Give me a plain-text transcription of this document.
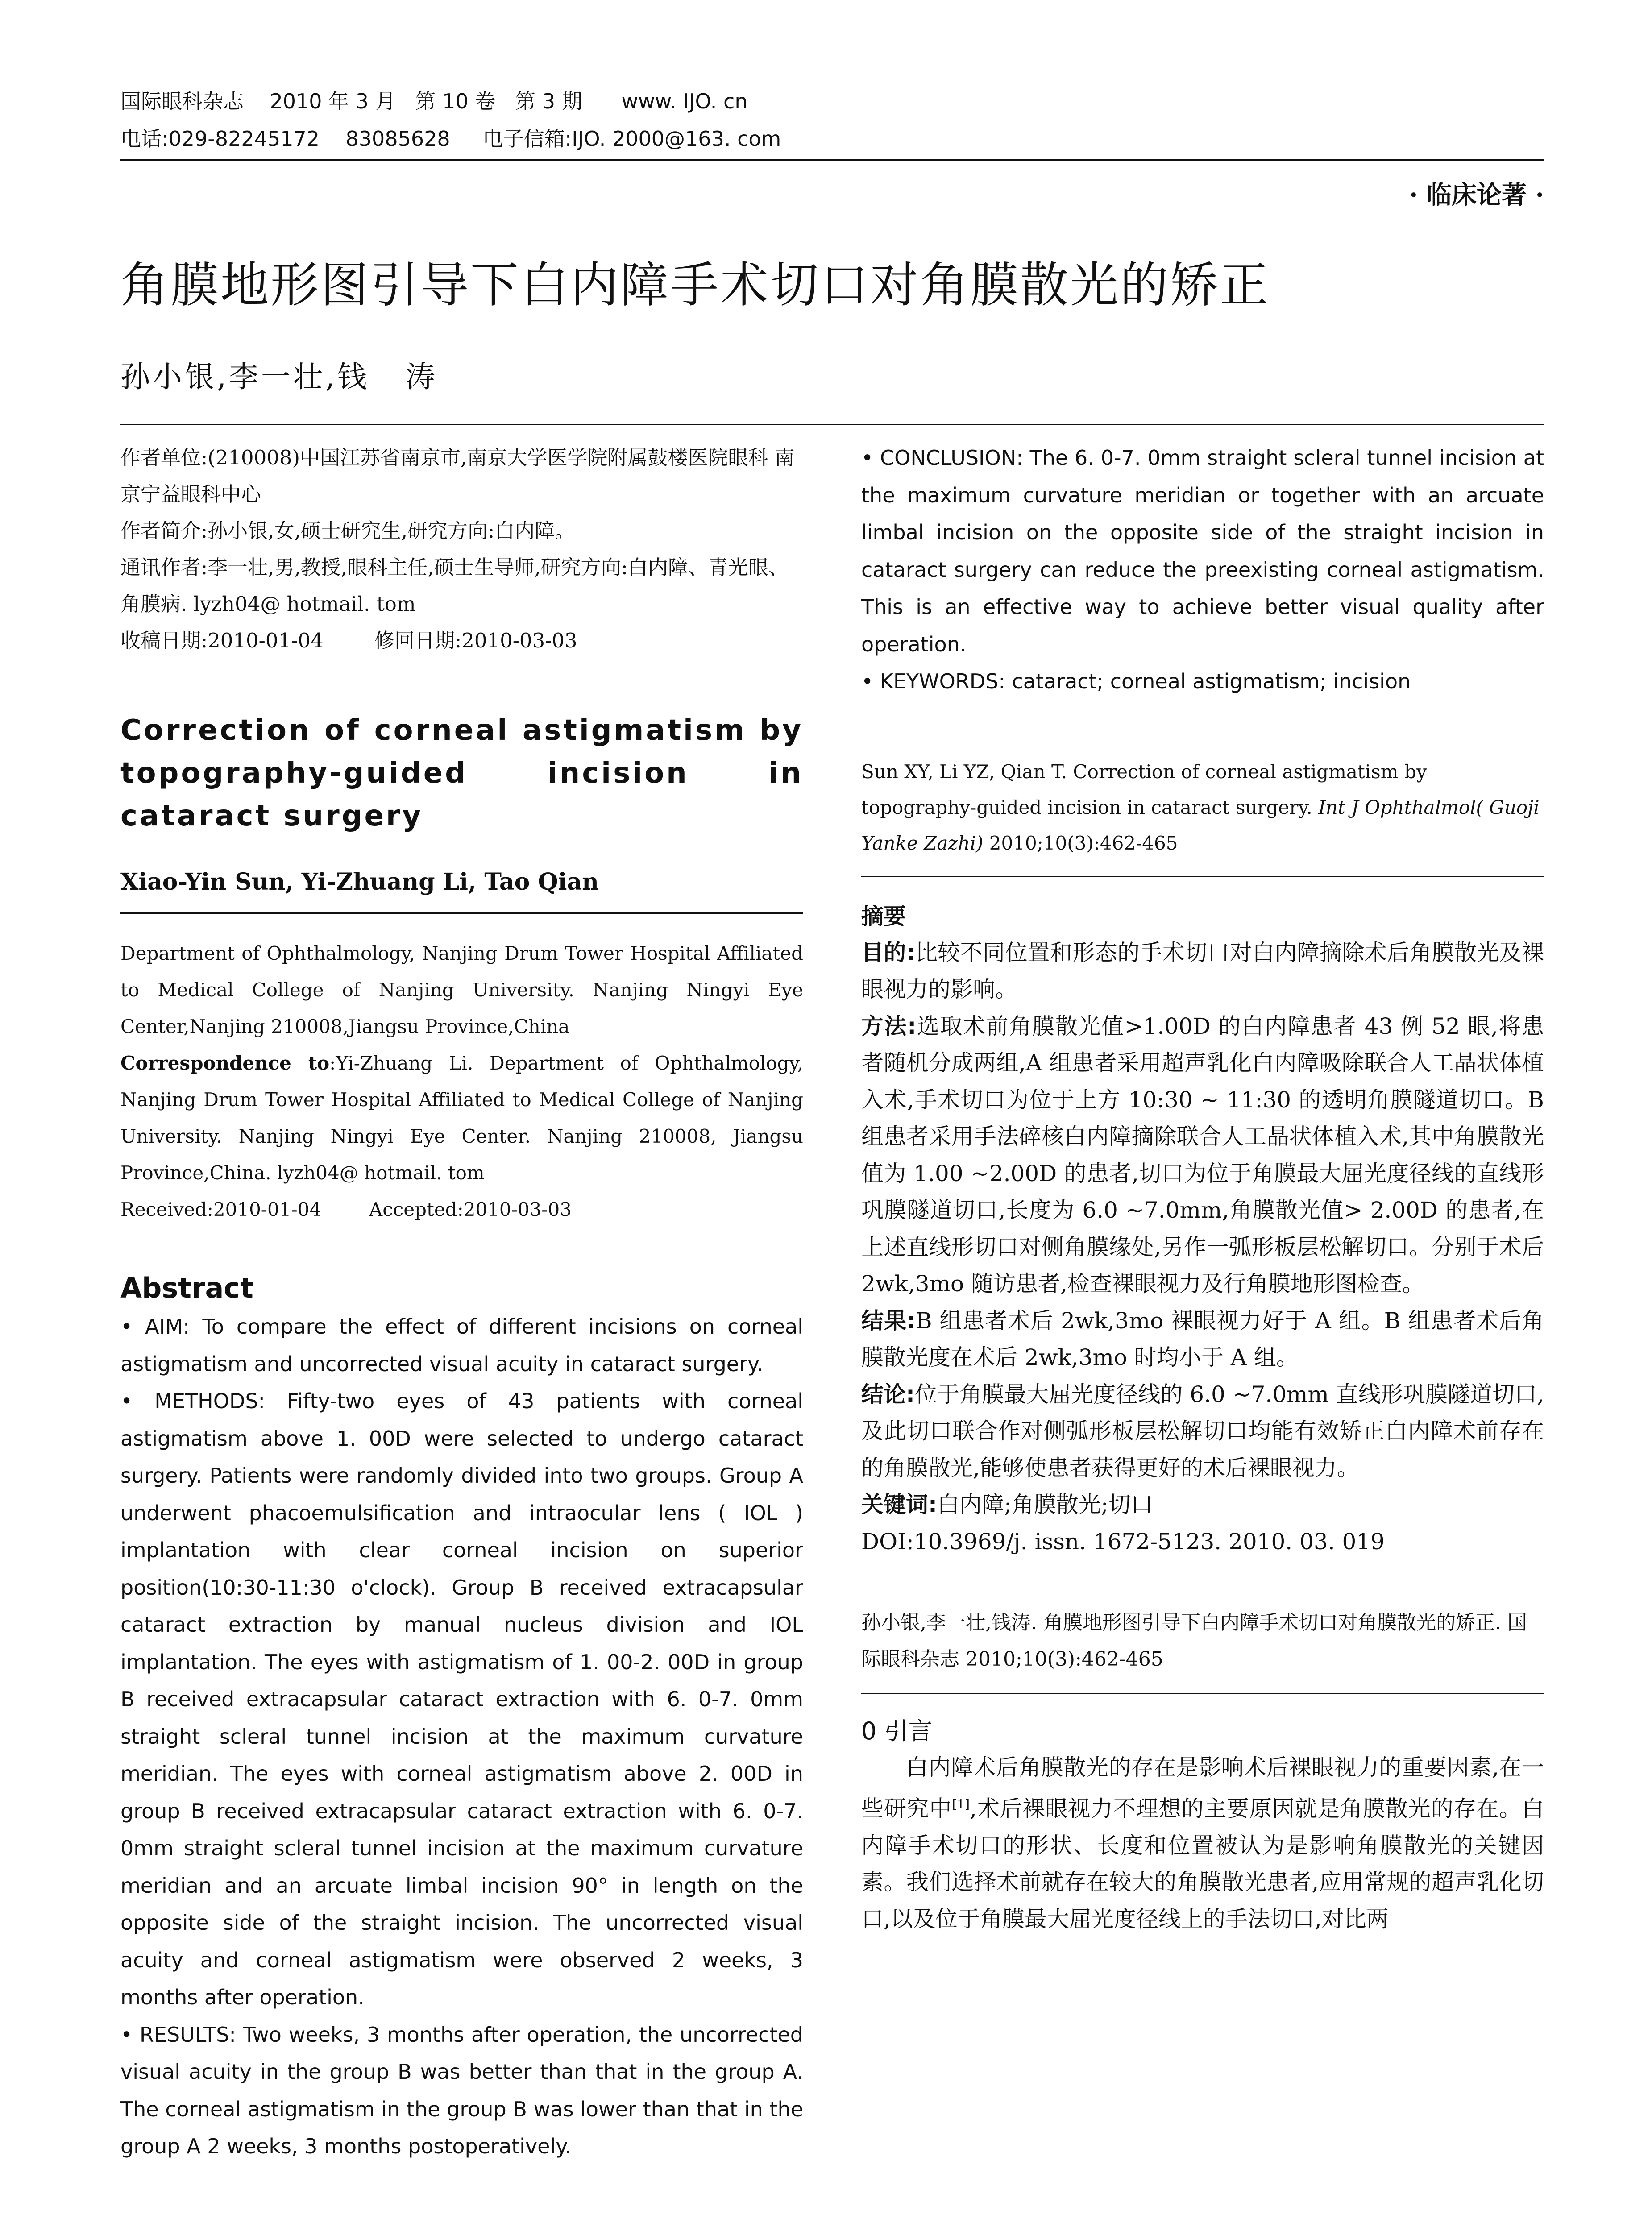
国际眼科杂志    2010 年 3 月   第 10 卷   第 3 期      www. IJO. cn
电话:029-82245172    83085628     电子信箱:IJO. 2000@163. com
· 临床论著 ·
角膜地形图引导下白内障手术切口对角膜散光的矫正
孙小银,李一壮,钱   涛

作者单位:(210008)中国江苏省南京市,南京大学医学院附属鼓楼医院眼科 南京宁益眼科中心

作者简介:孙小银,女,硕士研究生,研究方向:白内障。

通讯作者:李一壮,男,教授,眼科主任,硕士生导师,研究方向:白内障、青光眼、角膜病. lyzh04@ hotmail. tom

收稿日期:2010-01-04        修回日期:2010-03-03

Correction of corneal astigmatism by topography-guided incision in cataract surgery

Xiao-Yin Sun, Yi-Zhuang Li, Tao Qian

Department of Ophthalmology, Nanjing Drum Tower Hospital Affiliated to Medical College of Nanjing University. Nanjing Ningyi Eye Center,Nanjing 210008,Jiangsu Province,China

Correspondence to:Yi-Zhuang Li. Department of Ophthalmology, Nanjing Drum Tower Hospital Affiliated to Medical College of Nanjing University. Nanjing Ningyi Eye Center. Nanjing 210008, Jiangsu Province,China. lyzh04@ hotmail. tom

Received:2010-01-04        Accepted:2010-03-03

Abstract

• AIM: To compare the effect of different incisions on corneal astigmatism and uncorrected visual acuity in cataract surgery.

• METHODS: Fifty-two eyes of 43 patients with corneal astigmatism above 1. 00D were selected to undergo cataract surgery. Patients were randomly divided into two groups. Group A underwent phacoemulsification and intraocular lens ( IOL ) implantation with clear corneal incision on superior position(10:30-11:30 o'clock). Group B received extracapsular cataract extraction by manual nucleus division and IOL implantation. The eyes with astigmatism of 1. 00-2. 00D in group B received extracapsular cataract extraction with 6. 0-7. 0mm straight scleral tunnel incision at the maximum curvature meridian. The eyes with corneal astigmatism above 2. 00D in group B received extracapsular cataract extraction with 6. 0-7. 0mm straight scleral tunnel incision at the maximum curvature meridian and an arcuate limbal incision 90° in length on the opposite side of the straight incision. The uncorrected visual acuity and corneal astigmatism were observed 2 weeks, 3 months after operation.

• RESULTS: Two weeks, 3 months after operation, the uncorrected visual acuity in the group B was better than that in the group A. The corneal astigmatism in the group B was lower than that in the group A 2 weeks, 3 months postoperatively.

• CONCLUSION: The 6. 0-7. 0mm straight scleral tunnel incision at the maximum curvature meridian or together with an arcuate limbal incision on the opposite side of the straight incision in cataract surgery can reduce the preexisting corneal astigmatism. This is an effective way to achieve better visual quality after operation.

• KEYWORDS: cataract; corneal astigmatism; incision

Sun XY, Li YZ, Qian T. Correction of corneal astigmatism by topography-guided incision in cataract surgery. Int J Ophthalmol( Guoji Yanke Zazhi) 2010;10(3):462-465

摘要

目的:比较不同位置和形态的手术切口对白内障摘除术后角膜散光及裸眼视力的影响。

方法:选取术前角膜散光值>1.00D 的白内障患者 43 例 52 眼,将患者随机分成两组,A 组患者采用超声乳化白内障吸除联合人工晶状体植入术,手术切口为位于上方 10:30 ~ 11:30 的透明角膜隧道切口。B 组患者采用手法碎核白内障摘除联合人工晶状体植入术,其中角膜散光值为 1.00 ~2.00D 的患者,切口为位于角膜最大屈光度径线的直线形巩膜隧道切口,长度为 6.0 ~7.0mm,角膜散光值> 2.00D 的患者,在上述直线形切口对侧角膜缘处,另作一弧形板层松解切口。分别于术后 2wk,3mo 随访患者,检查裸眼视力及行角膜地形图检查。

结果:B 组患者术后 2wk,3mo 裸眼视力好于 A 组。B 组患者术后角膜散光度在术后 2wk,3mo 时均小于 A 组。

结论:位于角膜最大屈光度径线的 6.0 ~7.0mm 直线形巩膜隧道切口,及此切口联合作对侧弧形板层松解切口均能有效矫正白内障术前存在的角膜散光,能够使患者获得更好的术后裸眼视力。

关键词:白内障;角膜散光;切口

DOI:10.3969/j. issn. 1672-5123. 2010. 03. 019

孙小银,李一壮,钱涛. 角膜地形图引导下白内障手术切口对角膜散光的矫正. 国际眼科杂志 2010;10(3):462-465

0 引言

白内障术后角膜散光的存在是影响术后裸眼视力的重要因素,在一些研究中[1],术后裸眼视力不理想的主要原因就是角膜散光的存在。白内障手术切口的形状、长度和位置被认为是影响角膜散光的关键因素。我们选择术前就存在较大的角膜散光患者,应用常规的超声乳化切口,以及位于角膜最大屈光度径线上的手法切口,对比两
